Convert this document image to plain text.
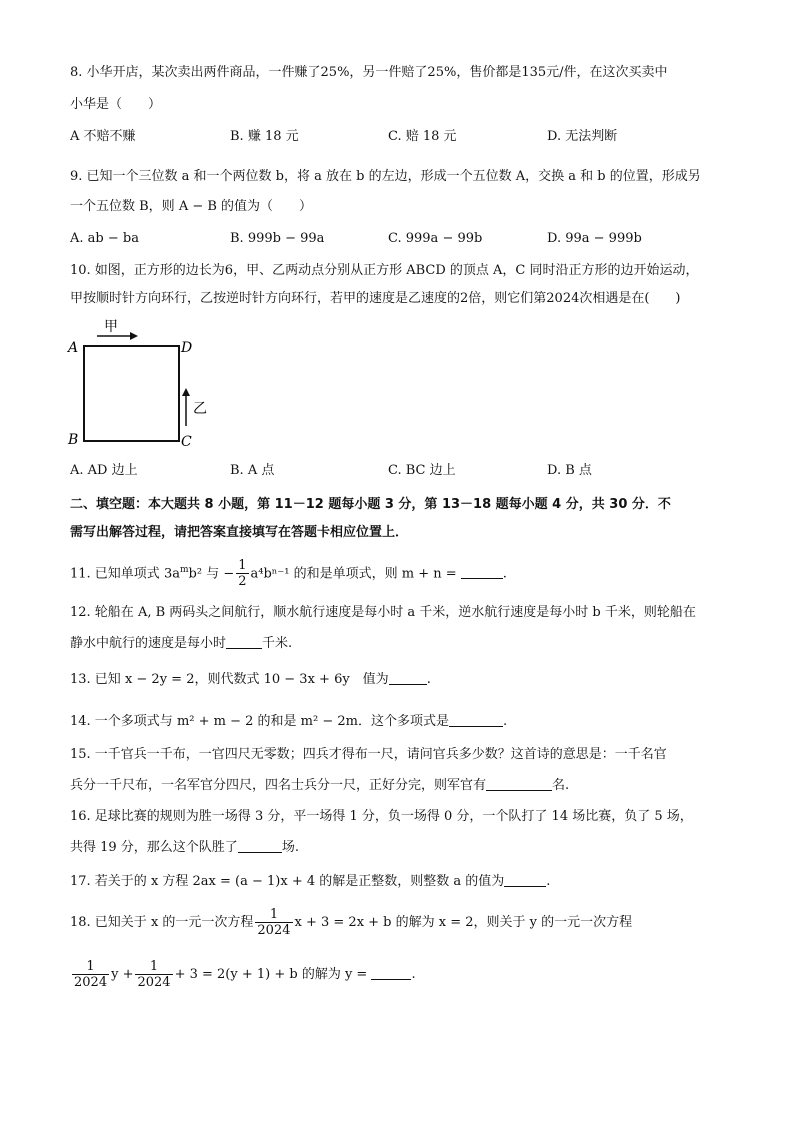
8. 小华开店，某次卖出两件商品，一件赚了25%，另一件赔了25%，售价都是135元/件，在这次买卖中
小华是（　　）
A 不赔不赚	B. 赚 18 元	C. 赔 18 元	D. 无法判断
9. 已知一个三位数 a 和一个两位数 b，将 a 放在 b 的左边，形成一个五位数 A，交换 a 和 b 的位置，形成另
一个五位数 B，则 A − B 的值为（　　）
A. ab − ba	B. 999b − 99a	C. 999a − 99b	D. 99a − 999b
10. 如图，正方形的边长为6，甲、乙两动点分别从正方形 ABCD 的顶点 A，C 同时沿正方形的边开始运动，
甲按顺时针方向环行，乙按逆时针方向环行，若甲的速度是乙速度的2倍，则它们第2024次相遇是在(　　)
A	D
B	C
甲
乙
A. AD 边上	B. A 点	C. BC 边上	D. B 点
二、填空题：本大题共 8 小题，第 11－12 题每小题 3 分，第 13－18 题每小题 4 分，共 30 分．不
需写出解答过程，请把答案直接填写在答题卡相应位置上．
11. 已知单项式 $3a^mb^2$ 与 − $\frac{1}{2} a^4b^{n-1}$ 的和是单项式，则 m + n =	.
12. 轮船在 A, B 两码头之间航行，顺水航行速度是每小时 a 千米，逆水航行速度是每小时 b 千米，则轮船在
静水中航行的速度是每小时	千米.
13. 已知 x − 2y = 2，则代数式 10 − 3x + 6y　值为	.
14. 一个多项式与 m² + m − 2 的和是 m² − 2m．这个多项式是	.
15. 一千官兵一千布，一官四尺无零数；四兵才得布一尺，请问官兵多少数？这首诗的意思是：一千名官
兵分一千尺布，一名军官分四尺，四名士兵分一尺，正好分完，则军官有	名.
16. 足球比赛的规则为胜一场得 3 分，平一场得 1 分，负一场得 0 分，一个队打了 14 场比赛，负了 5 场，
共得 19 分，那么这个队胜了	场.
17. 若关于的 x 方程 2ax = (a − 1)x + 4 的解是正整数，则整数 a 的值为	.
18. 已知关于 x 的一元一次方程 $\frac{1}{2024}$ x + 3 = 2x + b 的解为 x = 2，则关于 y 的一元一次方程
$\frac{1}{2024}$ $y + \frac{1}{2024} + 3 = 2(y + 1) + b$ 的解为 y =	.
